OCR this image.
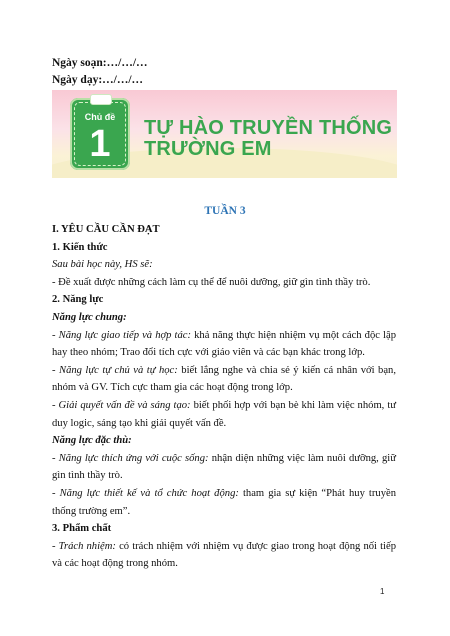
Ngày soạn:…/…/…
Ngày dạy:…/…/…
Chủ đề
1	TỰ HÀO TRUYỀN THỐNG
TRƯỜNG EM
TUẦN 3

I. YÊU CẦU CẦN ĐẠT

1. Kiến thức

Sau bài học này, HS sẽ:

- Đề xuất được những cách làm cụ thể để nuôi dưỡng, giữ gìn tình thầy trò.

2. Năng lực

Năng lực chung:

- Năng lực giao tiếp và hợp tác: khả năng thực hiện nhiệm vụ một cách độc lập hay theo nhóm; Trao đổi tích cực với giáo viên và các bạn khác trong lớp.

- Năng lực tự chủ và tự học: biết lắng nghe và chia sẻ ý kiến cá nhân với bạn, nhóm và GV. Tích cực tham gia các hoạt động trong lớp.

- Giải quyết vấn đề và sáng tạo: biết phối hợp với bạn bè khi làm việc nhóm, tư duy logic, sáng tạo khi giải quyết vấn đề.

Năng lực đặc thù:

- Năng lực thích ứng với cuộc sống: nhận diện những việc làm nuôi dưỡng, giữ gìn tình thầy trò.

- Năng lực thiết kế và tổ chức hoạt động: tham gia sự kiện “Phát huy truyền thống trường em”.

3. Phẩm chất

- Trách nhiệm: có trách nhiệm với nhiệm vụ được giao trong hoạt động nối tiếp và các hoạt động trong nhóm.

1
